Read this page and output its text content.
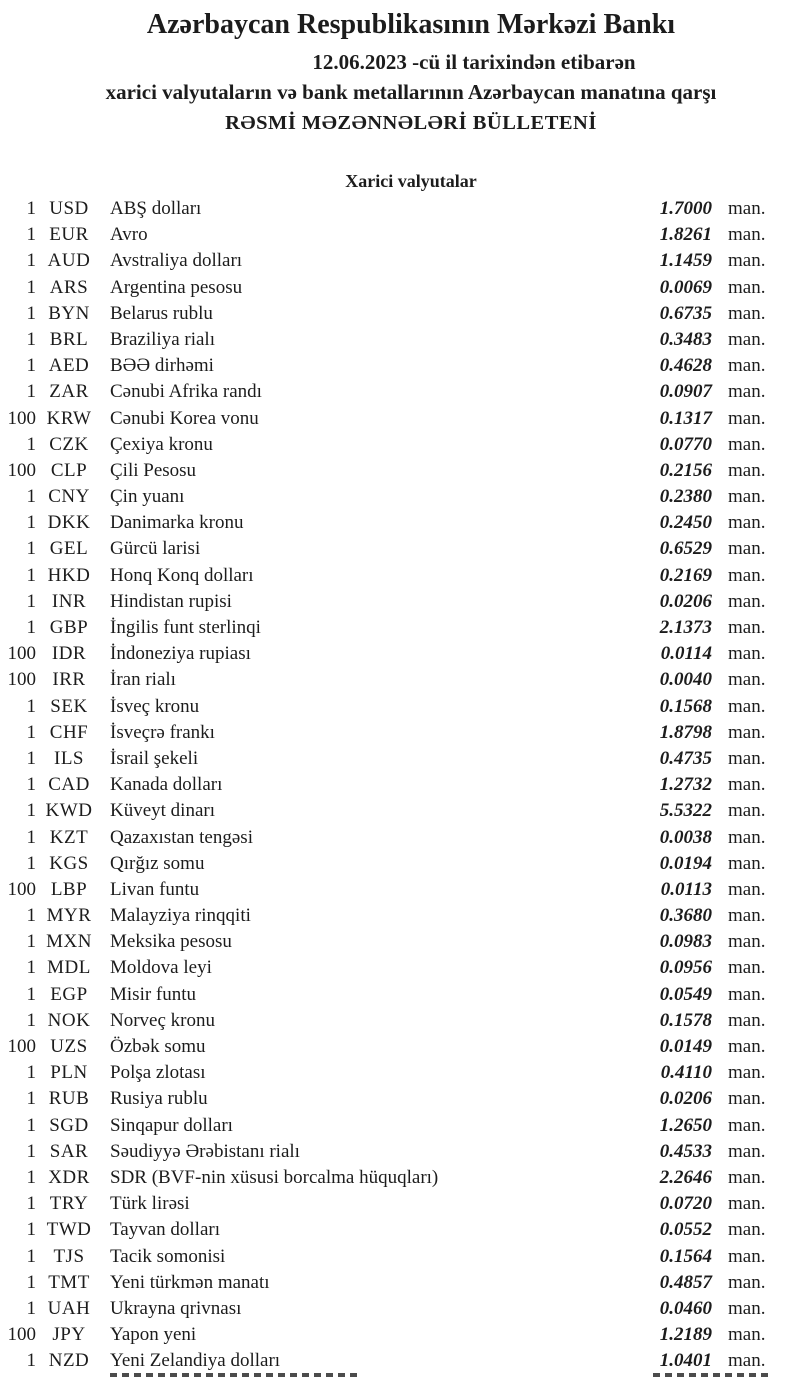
Azərbaycan Respublikasının Mərkəzi Bankı
12.06.2023 -cü il tarixindən etibarən
xarici valyutaların və bank metallarının Azərbaycan manatına qarşı
RƏSMİ MƏZƏNNƏLƏRİ BÜLLETENİ
Xarici valyutalar
1 USD	ABŞ dolları	1.7000 man.
1 EUR	Avro	1.8261 man.
1 AUD	Avstraliya dolları	1.1459 man.
1 ARS	Argentina pesosu	0.0069 man.
1 BYN	Belarus rublu	0.6735 man.
1 BRL	Braziliya rialı	0.3483 man.
1 AED	BƏƏ dirhəmi	0.4628 man.
1 ZAR	Cənubi Afrika randı	0.0907 man.
100 KRW Cənubi Korea vonu	0.1317 man.
1 CZK	Çexiya kronu	0.0770 man.
100 CLP	Çili Pesosu	0.2156 man.
1 CNY	Çin yuanı	0.2380 man.
1 DKK	Danimarka kronu	0.2450 man.
1 GEL	Gürcü larisi	0.6529 man.
1 HKD	Honq Konq dolları	0.2169 man.
1 INR	Hindistan rupisi	0.0206 man.
1 GBP	İngilis funt sterlinqi	2.1373 man.
100 IDR	İndoneziya rupiası	0.0114 man.
100 IRR	İran rialı	0.0040 man.
1 SEK	İsveç kronu	0.1568 man.
1 CHF	İsveçrə frankı	1.8798 man.
1 ILS	İsrail şekeli	0.4735 man.
1 CAD	Kanada dolları	1.2732 man.
1 KWD Küveyt dinarı	5.5322 man.
1 KZT	Qazaxıstan tengəsi	0.0038 man.
1 KGS	Qırğız somu	0.0194 man.
100 LBP	Livan funtu	0.0113 man.
1 MYR Malayziya rinqqiti	0.3680 man.
1 MXN Meksika pesosu	0.0983 man.
1 MDL	Moldova leyi	0.0956 man.
1 EGP	Misir funtu	0.0549 man.
1 NOK	Norveç kronu	0.1578 man.
100 UZS	Özbək somu	0.0149 man.
1 PLN	Polşa zlotası	0.4110 man.
1 RUB	Rusiya rublu	0.0206 man.
1 SGD	Sinqapur dolları	1.2650 man.
1 SAR	Səudiyyə Ərəbistanı rialı	0.4533 man.
1 XDR	SDR (BVF-nin xüsusi borcalma hüquqları)	2.2646 man.
1 TRY	Türk lirəsi	0.0720 man.
1 TWD Tayvan dolları	0.0552 man.
1 TJS	Tacik somonisi	0.1564 man.
1 TMT	Yeni türkmən manatı	0.4857 man.
1 UAH	Ukrayna qrivnası	0.0460 man.
100 JPY	Yapon yeni	1.2189 man.
1 NZD	Yeni Zelandiya dolları	1.0401 man.
